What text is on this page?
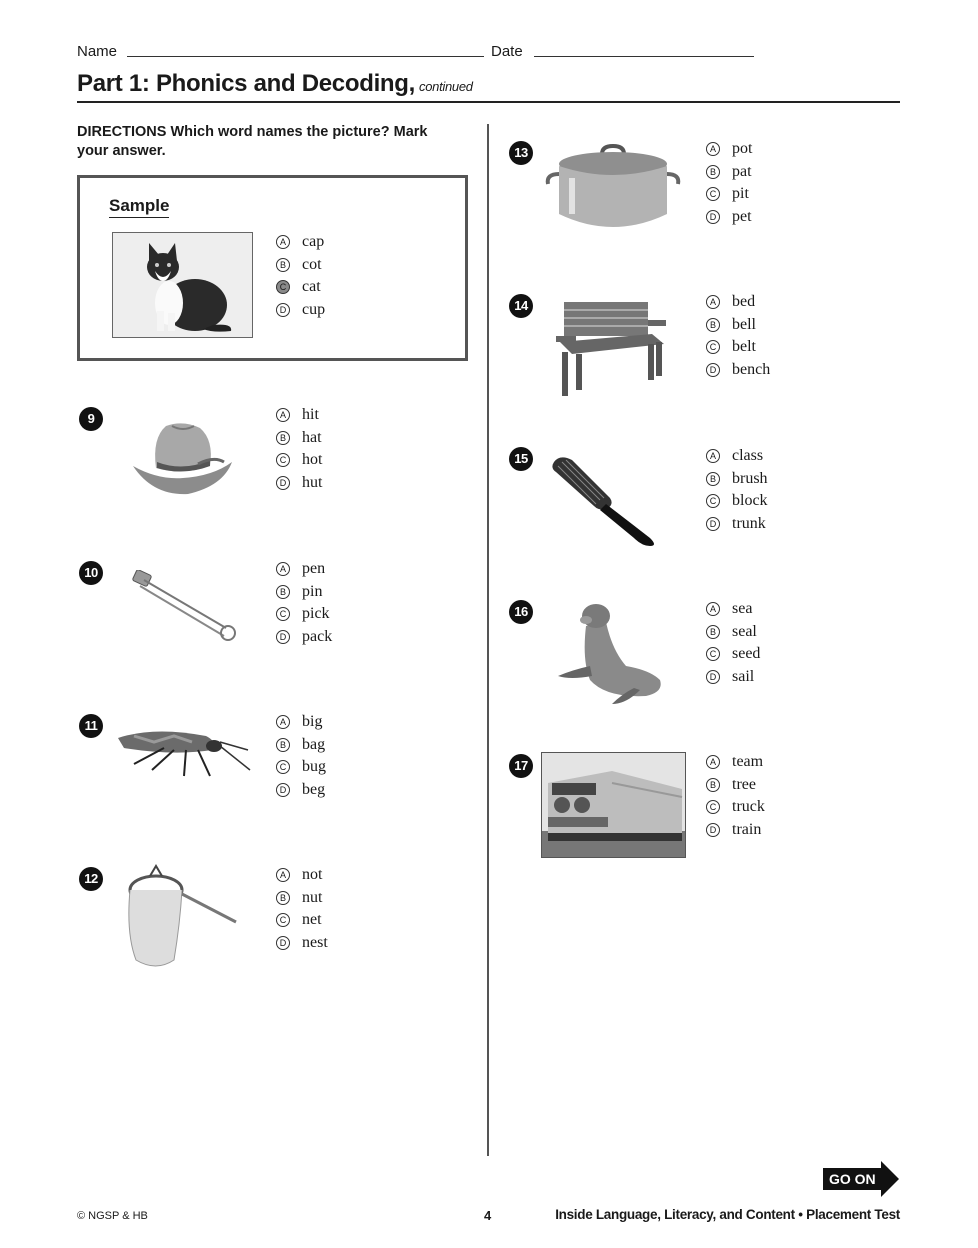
Name	Date
Part 1: Phonics and Decoding, continued
DIRECTIONS Which word names the picture? Mark your answer.
Sample
A cap
B cot
C cat
D cup
9	A hit
B hat
C hot
D hut
10	A pen
B pin
C pick
D pack
11	A big
B bag
C bug
D beg
12	A not
B nut
C net
D nest
13	A pot
B pat
C pit
D pet
14	A bed
B bell
C belt
D bench
15	A class
B brush
C block
D trunk
16	A sea
B seal
C seed
D sail
17	A team
B tree
C truck
D train
GO ON
© NGSP & HB	4	Inside Language, Literacy, and Content • Placement Test
